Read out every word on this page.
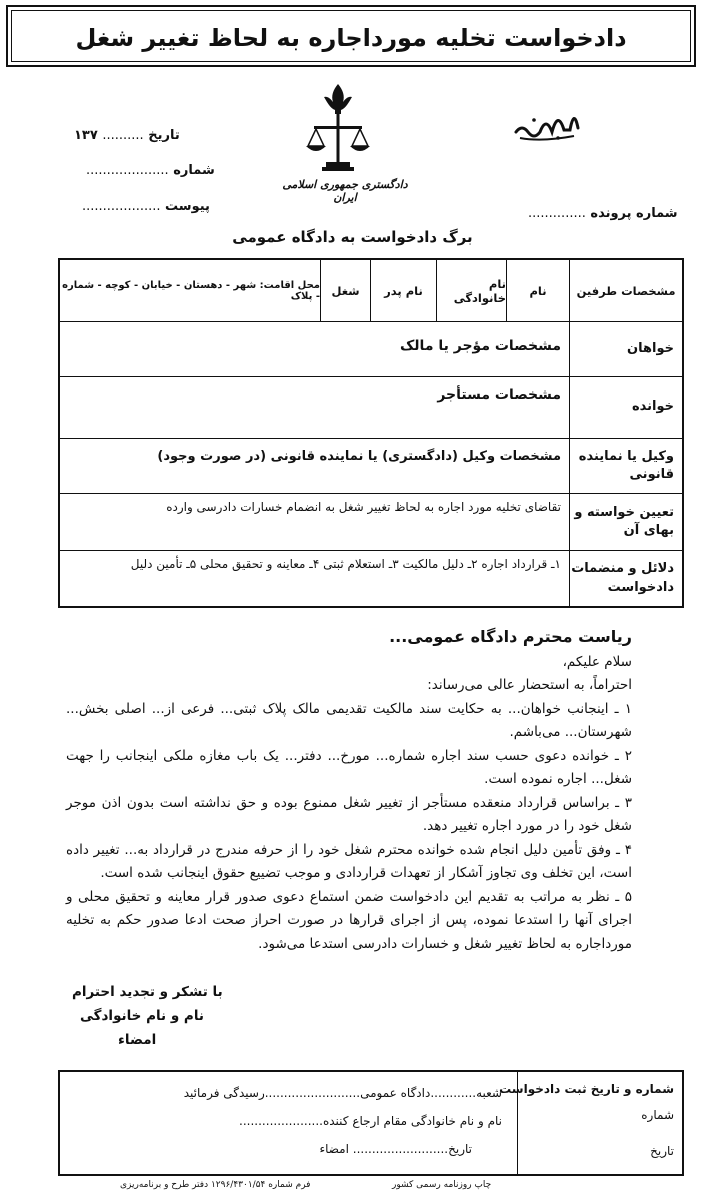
دادخواست تخلیه مورداجاره به لحاظ تغییر شغل
دادگستری جمهوری اسلامی ایران
تاریخ .......... ۱۳۷
شماره ....................
پیوست ...................	شماره پرونده ..............
برگ دادخواست به دادگاه عمومی
مشخصات طرفین
نام
نام خانوادگی
نام پدر
شغل
محل اقامت: شهر - دهستان - خیابان - کوچه - شماره - پلاک
خواهان
مشخصات مؤجر یا مالک
خوانده
مشخصات مستأجر
وکیل یا نماینده قانونی
مشخصات وکیل (دادگستری) یا نماینده قانونی (در صورت وجود)
تعیین خواسته و بهای آن
تقاضای تخلیه مورد اجاره به لحاظ تغییر شغل به انضمام خسارات دادرسی وارده
دلائل و منضمات دادخواست
۱ـ قرارداد اجاره ۲ـ دلیل مالکیت ۳ـ استعلام ثبتی ۴ـ معاینه و تحقیق محلی ۵ـ تأمین دلیل

ریاست محترم دادگاه عمومی...

سلام علیکم،

احتراماً، به استحضار عالی می‌رساند:

۱ ـ اینجانب خواهان... به حکایت سند مالکیت تقدیمی مالک پلاک ثبتی... فرعی از... اصلی بخش... شهرستان... می‌باشم.

۲ ـ خوانده دعوی حسب سند اجاره شماره... مورخ... دفتر... یک باب مغازه ملکی اینجانب را جهت شغل... اجاره نموده است.

۳ ـ براساس قرارداد منعقده مستأجر از تغییر شغل ممنوع بوده و حق نداشته است بدون اذن موجر شغل خود را در مورد اجاره تغییر دهد.

۴ ـ وفق تأمین دلیل انجام شده خوانده محترم شغل خود را از حرفه مندرج در قرارداد به... تغییر داده است، این تخلف وی تجاوز آشکار از تعهدات قراردادی و موجب تضییع حقوق اینجانب شده است.

۵ ـ نظر به مراتب به تقدیم این دادخواست ضمن استماع دعوی صدور قرار معاینه و تحقیق محلی و اجرای آنها را استدعا نموده، پس از اجرای قرارها در صورت احراز صحت ادعا صدور حکم به تخلیه مورداجاره به لحاظ تغییر شغل و خسارات دادرسی استدعا می‌شود.

با تشکر و تجدید احترام
نام و نام خانوادگی
امضاء
شماره و تاریخ ثبت دادخواست
شماره
تاریخ
شعبه............دادگاه عمومی.........................رسیدگی فرمائید
نام و نام خانوادگی مقام ارجاع کننده......................
تاریخ......................... امضاء
فرم شماره ۱۲۹۶/۴۳۰۱/۵۴ دفتر طرح و برنامه‌ریزی	چاپ روزنامه رسمی کشور
